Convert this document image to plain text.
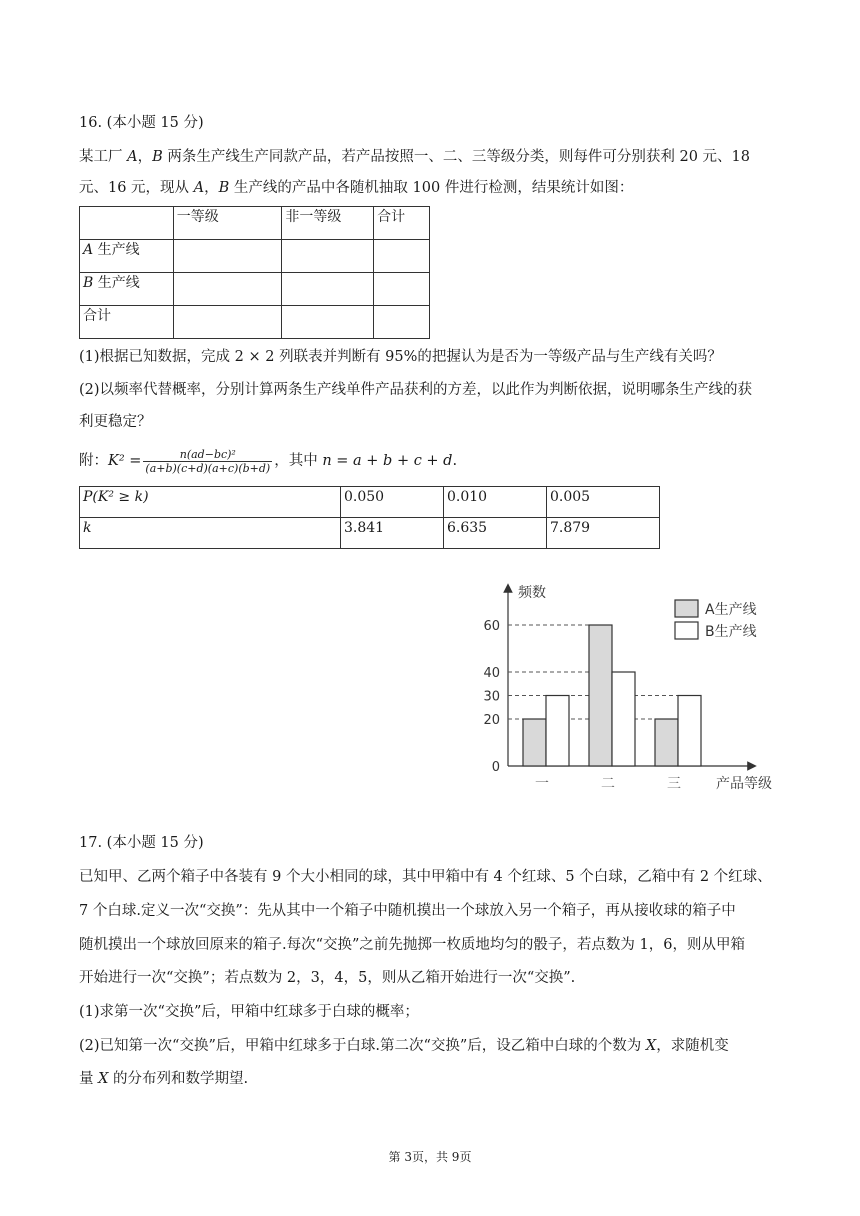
16. (本小题 15 分)
某工厂 A，B 两条生产线生产同款产品，若产品按照一、二、三等级分类，则每件可分别获利 20 元、18
元、16 元，现从 A，B 生产线的产品中各随机抽取 100 件进行检测，结果统计如图：
	一等级	非一等级	合计
A 生产线			
B 生产线			
合计			
(1)根据已知数据，完成 2 × 2 列联表并判断有 95%的把握认为是否为一等级产品与生产线有关吗？
(2)以频率代替概率，分别计算两条生产线单件产品获利的方差，以此作为判断依据，说明哪条生产线的获
利更稳定？
附：$K^2 = \frac{\text{n(ad−bc)²}}{(a+b)(c+d)(a+c)(b+d)}$ ，其中 n = a + b + c + d.
P(K² ≥ k)	0.050	0.010	0.005
k	3.841	6.635	7.879
频数
产品等级
0
20
30
40
60
一	二	三
A生产线
B生产线
17. (本小题 15 分)
已知甲、乙两个箱子中各装有 9 个大小相同的球，其中甲箱中有 4 个红球、5 个白球，乙箱中有 2 个红球、
7 个白球.定义一次“交换”：先从其中一个箱子中随机摸出一个球放入另一个箱子，再从接收球的箱子中
随机摸出一个球放回原来的箱子.每次“交换”之前先抛掷一枚质地均匀的骰子，若点数为 1，6，则从甲箱
开始进行一次“交换”；若点数为 2，3，4，5，则从乙箱开始进行一次“交换”.
(1)求第一次“交换”后，甲箱中红球多于白球的概率；
(2)已知第一次“交换”后，甲箱中红球多于白球.第二次“交换”后，设乙箱中白球的个数为 X，求随机变
量 X 的分布列和数学期望.
第 3页，共 9页
